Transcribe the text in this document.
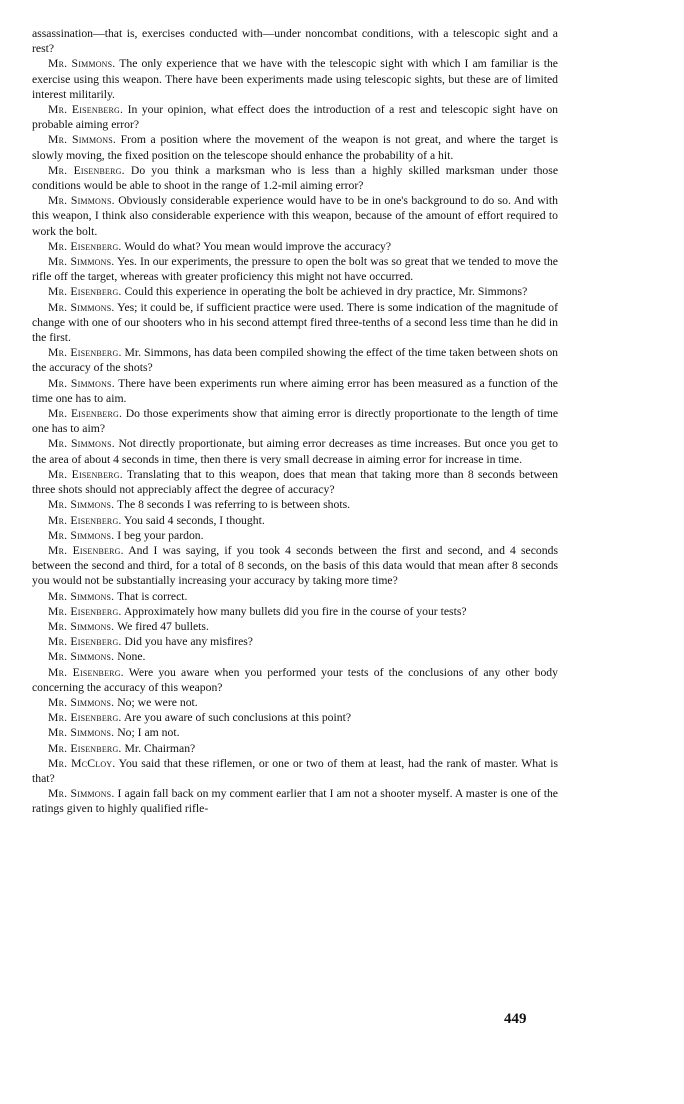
assassination—that is, exercises conducted with—under noncombat conditions, with a telescopic sight and a rest?

Mr. Simmons. The only experience that we have with the telescopic sight with which I am familiar is the exercise using this weapon. There have been experiments made using telescopic sights, but these are of limited interest militarily.

Mr. Eisenberg. In your opinion, what effect does the introduction of a rest and telescopic sight have on probable aiming error?

Mr. Simmons. From a position where the movement of the weapon is not great, and where the target is slowly moving, the fixed position on the telescope should enhance the probability of a hit.

Mr. Eisenberg. Do you think a marksman who is less than a highly skilled marksman under those conditions would be able to shoot in the range of 1.2-mil aiming error?

Mr. Simmons. Obviously considerable experience would have to be in one's background to do so. And with this weapon, I think also considerable experience with this weapon, because of the amount of effort required to work the bolt.

Mr. Eisenberg. Would do what? You mean would improve the accuracy?

Mr. Simmons. Yes. In our experiments, the pressure to open the bolt was so great that we tended to move the rifle off the target, whereas with greater proficiency this might not have occurred.

Mr. Eisenberg. Could this experience in operating the bolt be achieved in dry practice, Mr. Simmons?

Mr. Simmons. Yes; it could be, if sufficient practice were used. There is some indication of the magnitude of change with one of our shooters who in his second attempt fired three-tenths of a second less time than he did in the first.

Mr. Eisenberg. Mr. Simmons, has data been compiled showing the effect of the time taken between shots on the accuracy of the shots?

Mr. Simmons. There have been experiments run where aiming error has been measured as a function of the time one has to aim.

Mr. Eisenberg. Do those experiments show that aiming error is directly proportionate to the length of time one has to aim?

Mr. Simmons. Not directly proportionate, but aiming error decreases as time increases. But once you get to the area of about 4 seconds in time, then there is very small decrease in aiming error for increase in time.

Mr. Eisenberg. Translating that to this weapon, does that mean that taking more than 8 seconds between three shots should not appreciably affect the degree of accuracy?

Mr. Simmons. The 8 seconds I was referring to is between shots.

Mr. Eisenberg. You said 4 seconds, I thought.

Mr. Simmons. I beg your pardon.

Mr. Eisenberg. And I was saying, if you took 4 seconds between the first and second, and 4 seconds between the second and third, for a total of 8 seconds, on the basis of this data would that mean after 8 seconds you would not be substantially increasing your accuracy by taking more time?

Mr. Simmons. That is correct.

Mr. Eisenberg. Approximately how many bullets did you fire in the course of your tests?

Mr. Simmons. We fired 47 bullets.

Mr. Eisenberg. Did you have any misfires?

Mr. Simmons. None.

Mr. Eisenberg. Were you aware when you performed your tests of the conclusions of any other body concerning the accuracy of this weapon?

Mr. Simmons. No; we were not.

Mr. Eisenberg. Are you aware of such conclusions at this point?

Mr. Simmons. No; I am not.

Mr. Eisenberg. Mr. Chairman?

Mr. McCloy. You said that these riflemen, or one or two of them at least, had the rank of master. What is that?

Mr. Simmons. I again fall back on my comment earlier that I am not a shooter myself. A master is one of the ratings given to highly qualified rifle-

449
